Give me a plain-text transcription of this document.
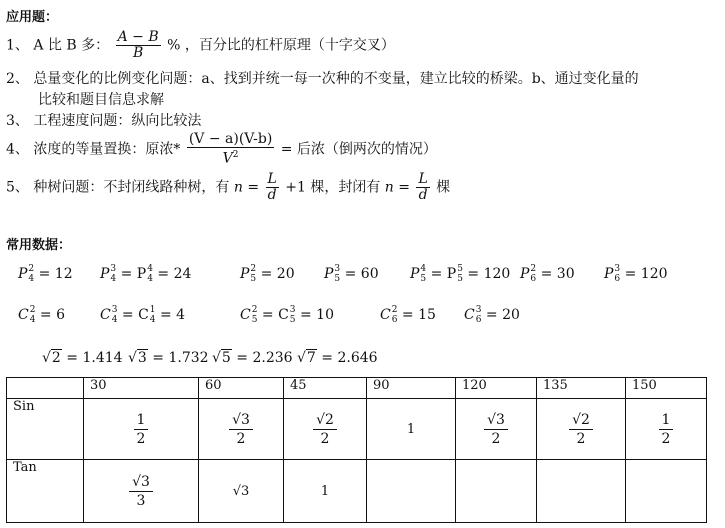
应用题：
1、 A 比 B 多： $\frac{A - B}{B}$ % ，百分比的杠杆原理（十字交叉）
2、 总量变化的比例变化问题：a、找到并统一每一次种的不变量，建立比较的桥梁。b、通过变化量的
比较和题目信息求解
3、 工程速度问题：纵向比较法
4、 浓度的等量置换：原浓* $\frac{(V - a)(V-b)}{V^2}$ = 后浓（倒两次的情况）
5、 种树问题：不封闭线路种树，有 $n = \frac{L}{d} +1$ 棵，封闭有 $n = \frac{L}{d}$ 棵
常用数据：
P 2
4 = 12 P 3
4 = P 4
4 = 24	P 2
5 = 20 P 3
5 = 60 P 4
5 = P 5
5 = 120 P 2
6 = 30 P 3
6 = 120
C 2
4 = 6	C 3
4 = C 1
4 = 4	C 2
5 = C 3
5 = 10	C 2
6 = 15 C 3
6 = 20
√2 = 1.414 √3 = 1.732 √5 = 2.236 √7 = 2.646
	30	60	45	90	120	135	150
Sin	$\frac{1}{2}$	$\frac{√3}{2}$	$\frac{√2}{2}$	1	$\frac{√3}{2}$	$\frac{√2}{2}$	$\frac{1}{2}$

Tan	$\frac{√3}{3}$	√3	1				
